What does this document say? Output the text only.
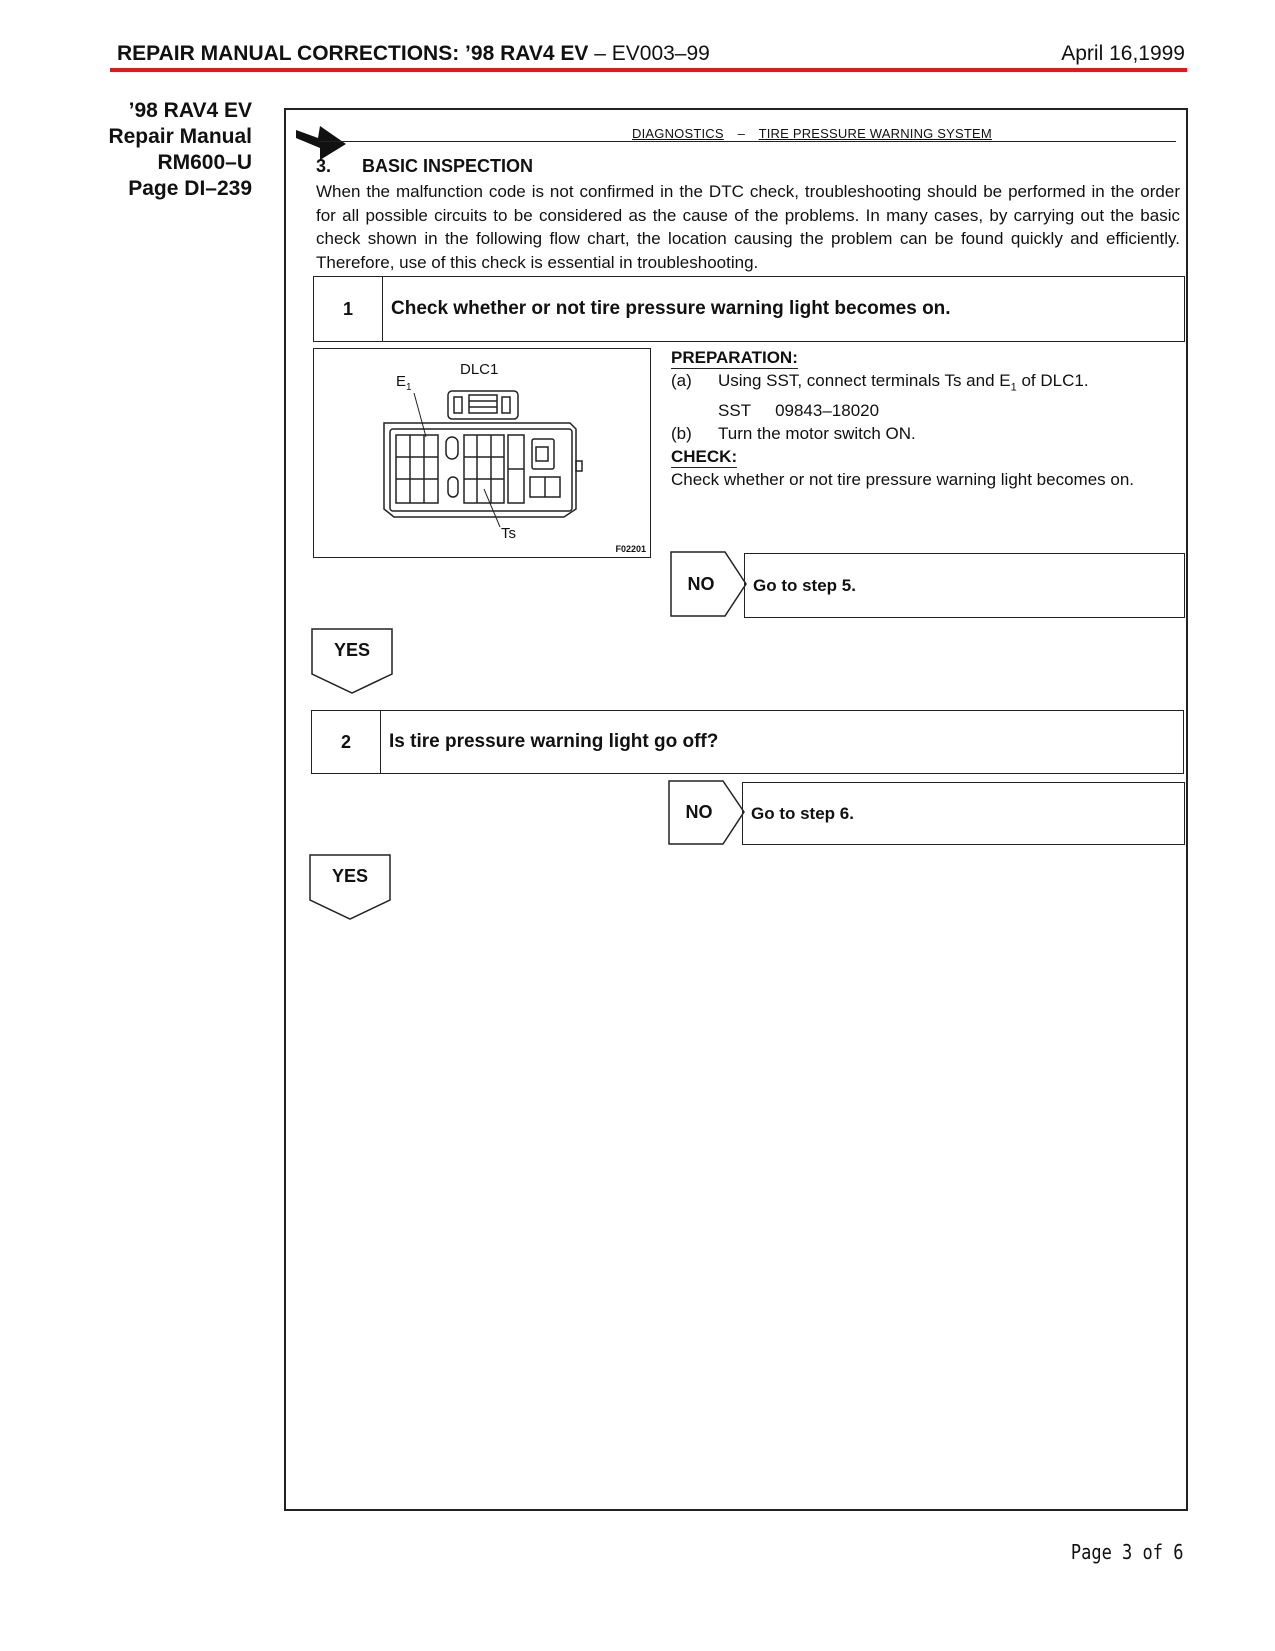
REPAIR MANUAL CORRECTIONS: ’98 RAV4 EV – EV003–99	April 16,1999
’98 RAV4 EV
Repair Manual
RM600–U
Page DI–239
DIAGNOSTICS – TIRE PRESSURE WARNING SYSTEM
3. BASIC INSPECTION
When the malfunction code is not confirmed in the DTC check, troubleshooting should be performed in the order for all possible circuits to be considered as the cause of the problems. In many cases, by carrying out the basic check shown in the following flow chart, the location causing the problem can be found quickly and efficiently. Therefore, use of this check is essential in troubleshooting.
1	Check whether or not tire pressure warning light becomes on.
DLC1
$E_1$
Ts
F02201
PREPARATION:
(a)	Using SST, connect terminals Ts and $E_1$ of DLC1.
SST 09843–18020
(b)	Turn the motor switch ON.
CHECK:
Check whether or not tire pressure warning light becomes on.
NO	Go to step 5.
YES
2	Is tire pressure warning light go off?
NO	Go to step 6.
YES
Page 3 of 6
